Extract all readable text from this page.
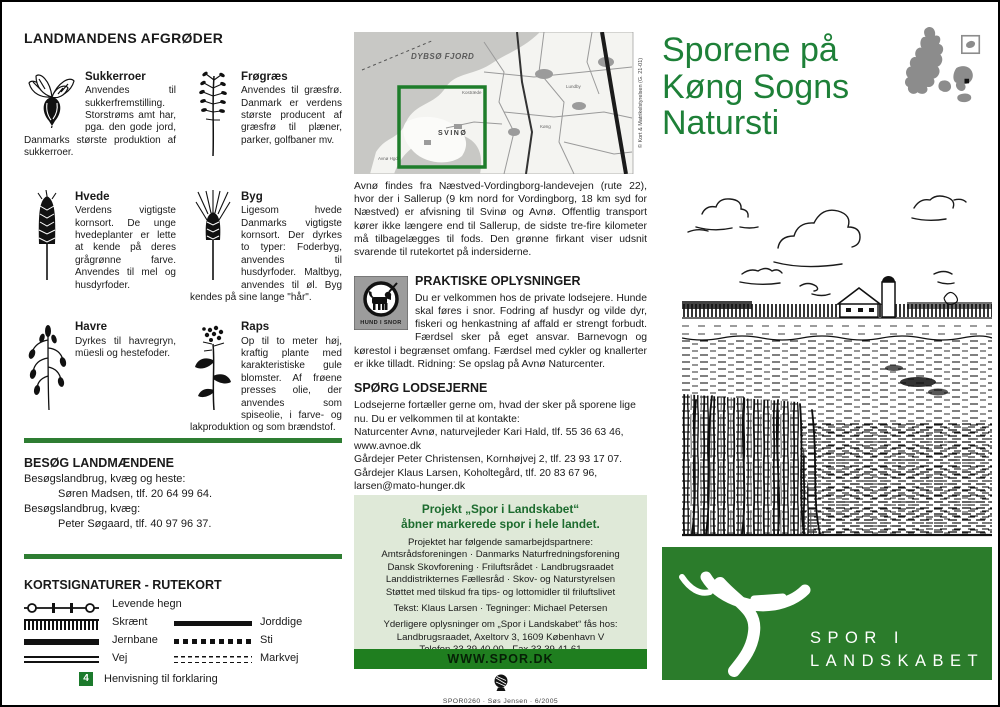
LANDMANDENS AFGRØDER
Sukkerroer

Anvendes til sukkerfremstilling. Storstrøms amt har, pga. den gode jord, Danmarks største produktion af sukkerroer.

Frøgræs

Anvendes til græsfrø. Danmark er verdens største producent af græsfrø til plæner, parker, golfbaner mv.

Hvede

Verdens vigtigste kornsort. De unge hvedeplanter er lette at kende på deres grågrønne farve. Anvendes til mel og husdyrfoder.

Byg

Ligesom hvede Danmarks vigtigste kornsort. Der dyrkes to typer: Foderbyg, anvendes til husdyrfoder. Maltbyg, anvendes til øl. Byg kendes på sine lange "hår".

Havre

Dyrkes til havregryn, müesli og hestefoder.

Raps

Op til to meter høj, kraftig plante med karakteristiske gule blomster. Af frøene presses olie, der anvendes som spiseolie, i farve- og lakproduktion og som brændstof.

BESØG LANDMÆNDENE
Besøgslandbrug, kvæg og heste:
Søren Madsen, tlf. 20 64 99 64.
Besøgslandbrug, kvæg:
Peter Søgaard, tlf. 40 97 96 37.
KORTSIGNATURER - RUTEKORT
Levende hegn
Skrænt	Jorddige
Jernbane	Sti
Vej	Markvej
4	Henvisning til forklaring
DYBSØ FJORD
SVINØ
Kostræde
Lundby
Køng
Avnø Hgd
© Kort & Matrikelstyrelsen (G. 21-01)

Avnø findes fra Næstved-Vordingborg-landevejen (rute 22), hvor der i Sallerup (9 km nord for Vordingborg, 18 km syd for Næstved) er afvisning til Svinø og Avnø. Offentlig transport kører ikke længere end til Sallerup, de sidste tre-fire kilometer må tilbagelægges til fods. Den grønne firkant viser udsnit svarende til rutekortet på indersiderne.

HUND I SNOR
PRAKTISKE OPLYSNINGER
Du er velkommen hos de private lodsejere. Hunde skal føres i snor. Fodring af husdyr og vilde dyr, fiskeri og henkastning af affald er strengt forbudt. Færdsel sker på eget ansvar. Barnevogn og kørestol i begrænset omfang. Færdsel med cykler og knallerter er ikke tilladt. Ridning: Se opslag på Avnø Naturcenter.
SPØRG LODSEJERNE

Lodsejerne fortæller gerne om, hvad der sker på sporene lige nu. Du er velkommen til at kontakte:

Naturcenter Avnø, naturvejleder Kari Hald, tlf. 55 36 63 46, www.avnoe.dk

Gårdejer Peter Christensen, Kornhøjvej 2, tlf. 23 93 17 07.

Gårdejer Klaus Larsen, Koholtegård, tlf. 20 83 67 96, larsen@mato-hunger.dk

Projekt „Spor i Landskabet“
åbner markerede spor i hele landet.
Projektet har følgende samarbejdspartnere:
Amtsrådsforeningen · Danmarks Naturfredningsforening
Dansk Skovforening · Friluftsrådet · Landbrugsraadet
Landdistrikternes Fællesråd · Skov- og Naturstyrelsen
Støttet med tilskud fra tips- og lottomidler til friluftslivet
Tekst: Klaus Larsen · Tegninger: Michael Petersen
Yderligere oplysninger om „Spor i Landskabet“ fås hos:
Landbrugsraadet, Axeltorv 3, 1609 København V
WWW.SPOR.DK
SPOR0260 · Søs Jensen · 6/2005
Sporene på
Køng Sogns
Natursti
SPOR I
LANDSKABET
